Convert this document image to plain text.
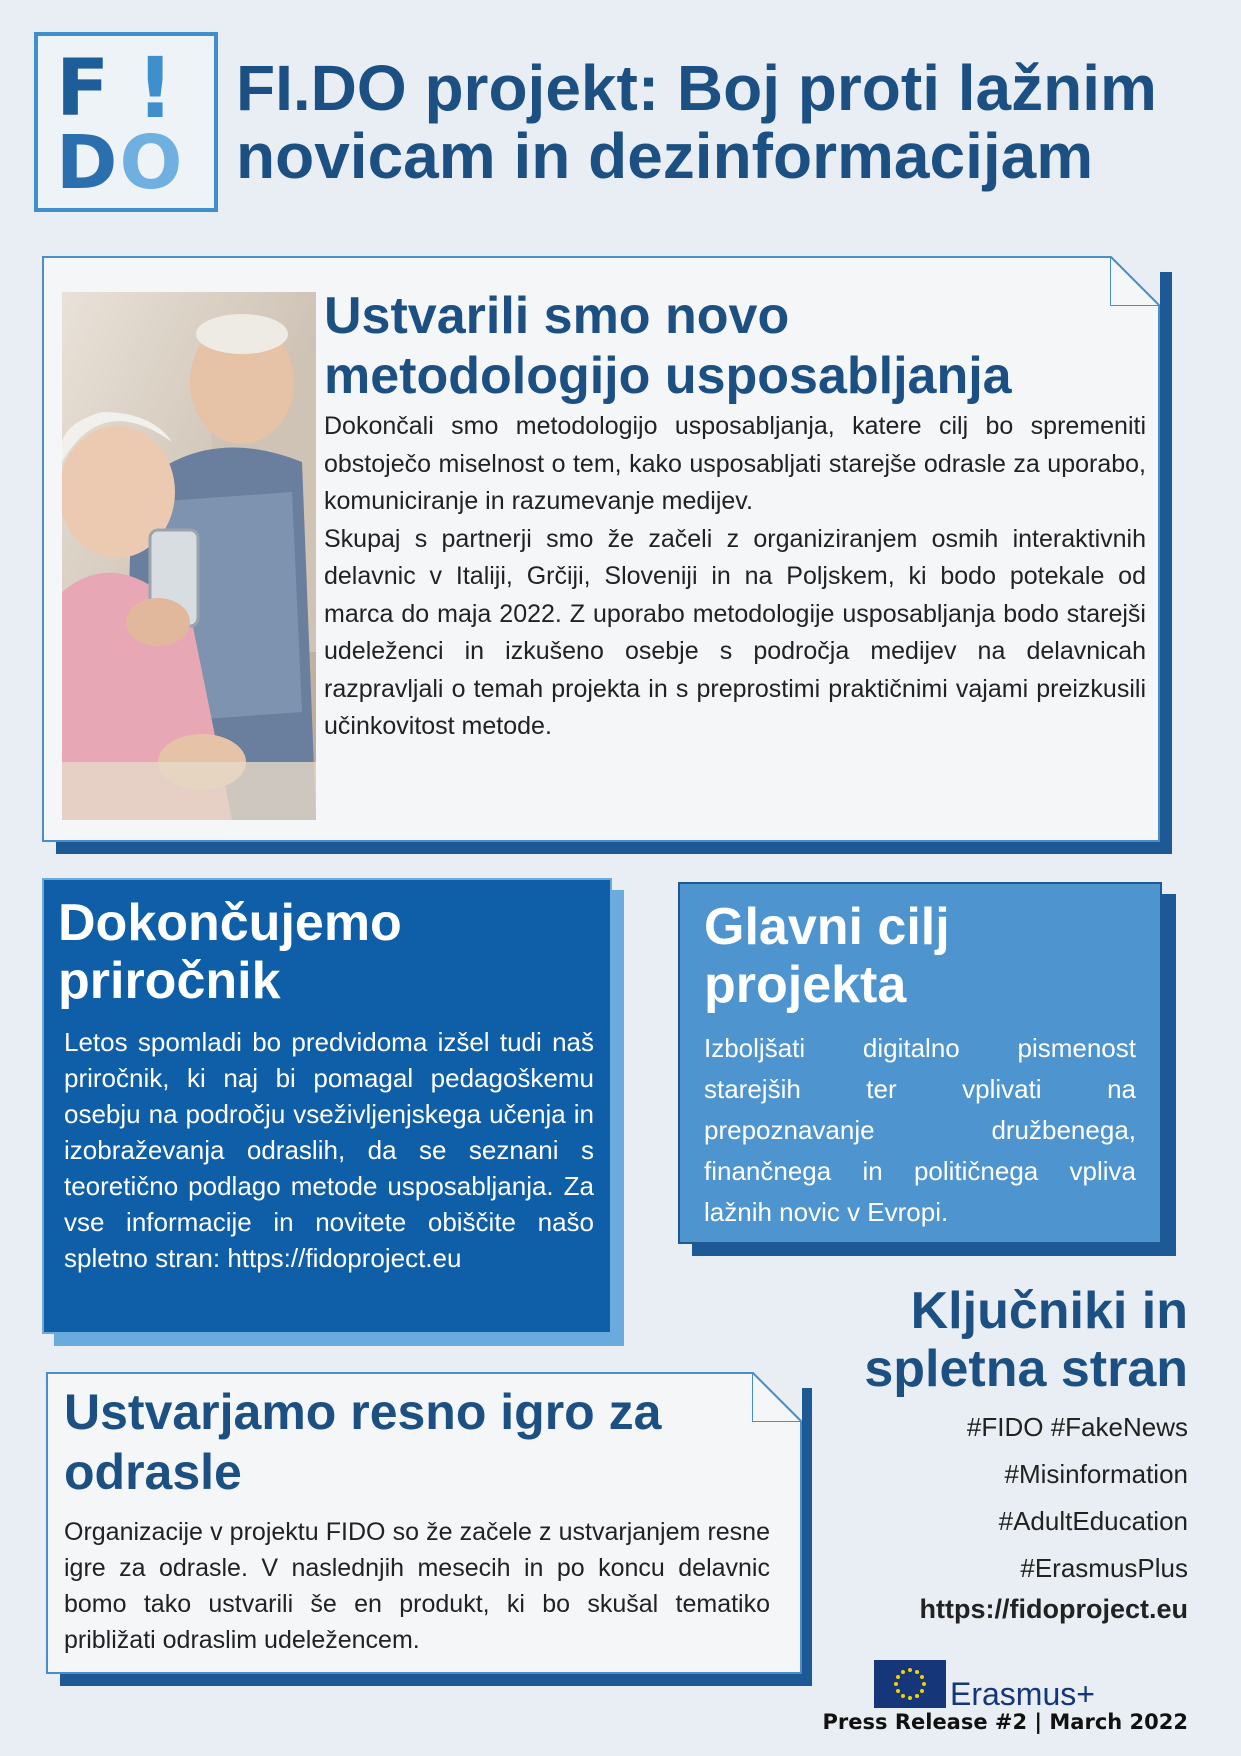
F !
DO
FI.DO projekt: Boj proti lažnim novicam in dezinformacijam
Ustvarili smo novo metodologijo usposabljanja

Dokončali smo metodologijo usposabljanja, katere cilj bo spremeniti obstoječo miselnost o tem, kako usposabljati starejše odrasle za uporabo, komuniciranje in razumevanje medijev.

Skupaj s partnerji smo že začeli z organiziranjem osmih interaktivnih delavnic v Italiji, Grčiji, Sloveniji in na Poljskem, ki bodo potekale od marca do maja 2022. Z uporabo metodologije usposabljanja bodo starejši udeleženci in izkušeno osebje s področja medijev na delavnicah razpravljali o temah projekta in s preprostimi praktičnimi vajami preizkusili učinkovitost metode.

Dokončujemo priročnik

Letos spomladi bo predvidoma izšel tudi naš priročnik, ki naj bi pomagal pedagoškemu osebju na področju vseživljenjskega učenja in izobraževanja odraslih, da se seznani s teoretično podlago metode usposabljanja. Za vse informacije in novitete obiščite našo spletno stran: https://fidoproject.eu

Glavni cilj projekta

Izboljšati digitalno pismenost starejših ter vplivati na prepoznavanje družbenega, finančnega in političnega vpliva lažnih novic v Evropi.

Ustvarjamo resno igro za odrasle

Organizacije v projektu FIDO so že začele z ustvarjanjem resne igre za odrasle. V naslednjih mesecih in po koncu delavnic bomo tako ustvarili še en produkt, ki bo skušal tematiko približati odraslim udeležencem.

Ključniki in spletna stran
#FIDO #FakeNews
#Misinformation
#AdultEducation
#ErasmusPlus
https://fidoproject.eu
Erasmus+
Press Release #2 | March 2022
